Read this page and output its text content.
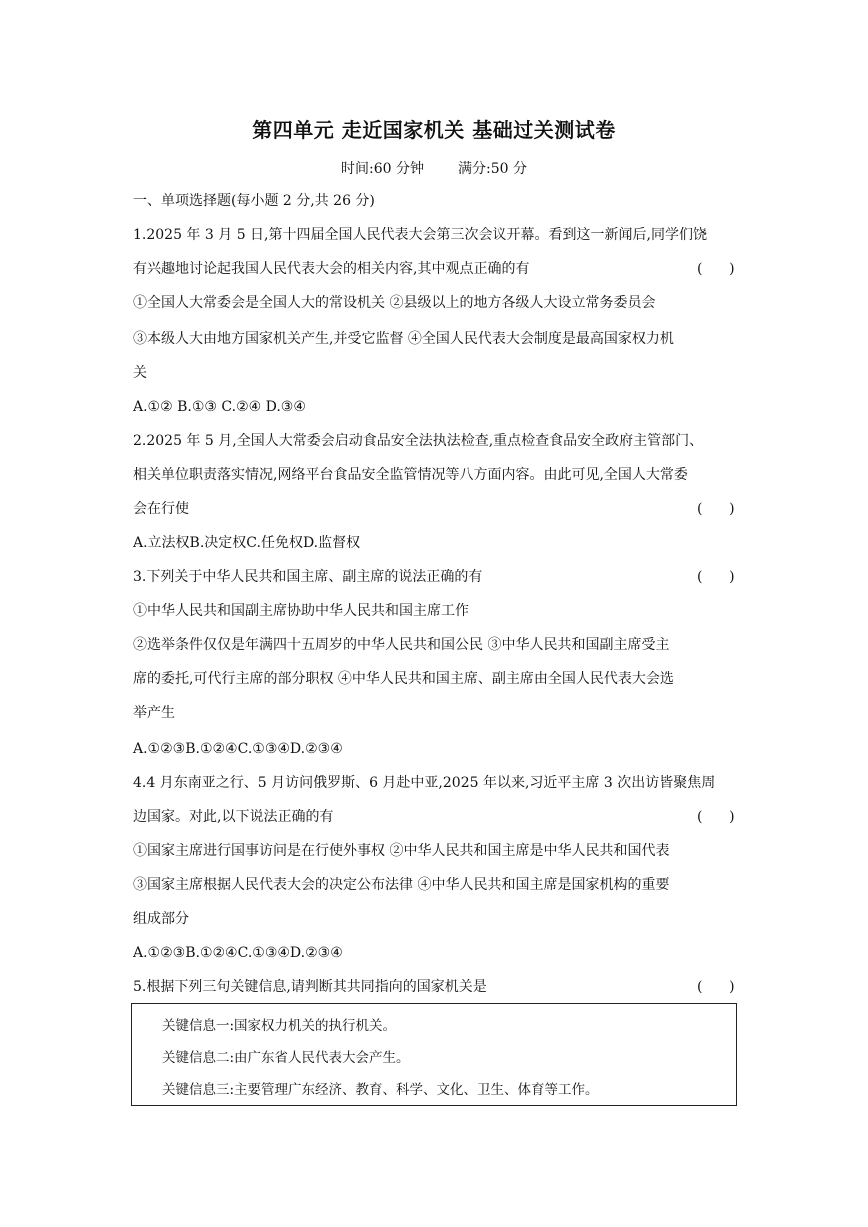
第四单元 走近国家机关 基础过关测试卷
时间:60 分钟 满分:50 分
一、单项选择题(每小题 2 分,共 26 分)
1.2025 年 3 月 5 日,第十四届全国人民代表大会第三次会议开幕。看到这一新闻后,同学们饶
有兴趣地讨论起我国人民代表大会的相关内容,其中观点正确的有	(      )
①全国人大常委会是全国人大的常设机关 ②县级以上的地方各级人大设立常务委员会
③本级人大由地方国家机关产生,并受它监督 ④全国人民代表大会制度是最高国家权力机
关
A.①② B.①③ C.②④ D.③④
2.2025 年 5 月,全国人大常委会启动食品安全法执法检查,重点检查食品安全政府主管部门、
相关单位职责落实情况,网络平台食品安全监管情况等八方面内容。由此可见,全国人大常委
会在行使	(      )
A.立法权B.决定权C.任免权D.监督权
3.下列关于中华人民共和国主席、副主席的说法正确的有	(      )
①中华人民共和国副主席协助中华人民共和国主席工作
②选举条件仅仅是年满四十五周岁的中华人民共和国公民 ③中华人民共和国副主席受主
席的委托,可代行主席的部分职权 ④中华人民共和国主席、副主席由全国人民代表大会选
举产生
A.①②③B.①②④C.①③④D.②③④
4.4 月东南亚之行、5 月访问俄罗斯、6 月赴中亚,2025 年以来,习近平主席 3 次出访皆聚焦周
边国家。对此,以下说法正确的有	(      )
①国家主席进行国事访问是在行使外事权 ②中华人民共和国主席是中华人民共和国代表
③国家主席根据人民代表大会的决定公布法律 ④中华人民共和国主席是国家机构的重要
组成部分
A.①②③B.①②④C.①③④D.②③④
5.根据下列三句关键信息,请判断其共同指向的国家机关是	(      )
关键信息一:国家权力机关的执行机关。
关键信息二:由广东省人民代表大会产生。
关键信息三:主要管理广东经济、教育、科学、文化、卫生、体育等工作。
